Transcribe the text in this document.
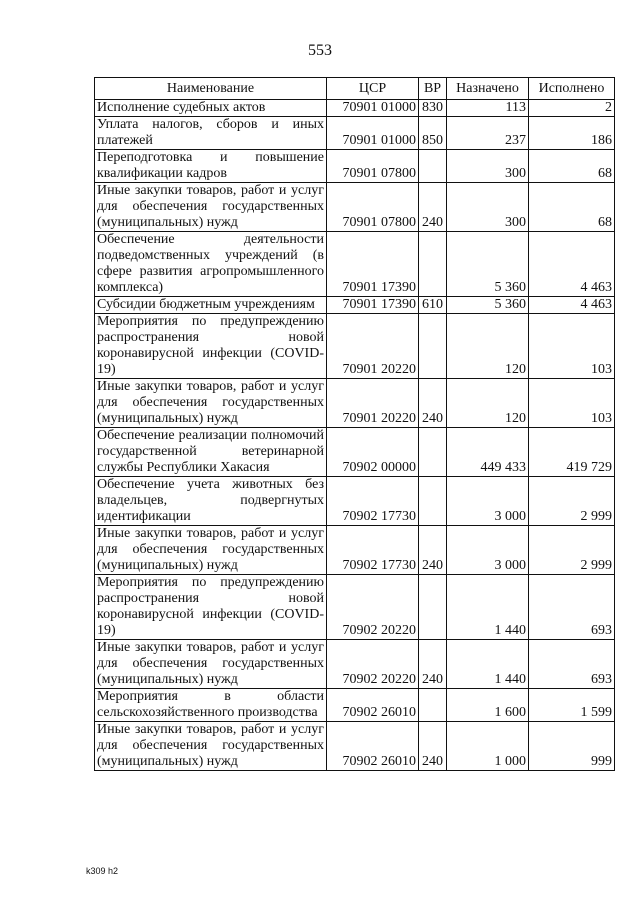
553
Наименование	ЦСР	ВР	Назначено	Исполнено
Исполнение судебных актов	70901 01000	830	113	2
Уплата налогов, сборов и иных платежей	70901 01000	850	237	186
Переподготовка и повышение квалификации кадров	70901 07800		300	68
Иные закупки товаров, работ и услуг для обеспечения государственных (муниципальных) нужд	70901 07800	240	300	68
Обеспечение деятельности подведомственных учреждений (в сфере развития агропромышленного комплекса)	70901 17390		5 360	4 463
Субсидии бюджетным учреждениям	70901 17390	610	5 360	4 463
Мероприятия по предупреждению распространения новой коронавирусной инфекции (COVID-19)	70901 20220		120	103
Иные закупки товаров, работ и услуг для обеспечения государственных (муниципальных) нужд	70901 20220	240	120	103
Обеспечение реализации полномочий государственной ветеринарной службы Республики Хакасия	70902 00000		449 433	419 729
Обеспечение учета животных без владельцев, подвергнутых идентификации	70902 17730		3 000	2 999
Иные закупки товаров, работ и услуг для обеспечения государственных (муниципальных) нужд	70902 17730	240	3 000	2 999
Мероприятия по предупреждению распространения новой коронавирусной инфекции (COVID-19)	70902 20220		1 440	693
Иные закупки товаров, работ и услуг для обеспечения государственных (муниципальных) нужд	70902 20220	240	1 440	693
Мероприятия в области сельскохозяйственного производства	70902 26010		1 600	1 599
Иные закупки товаров, работ и услуг для обеспечения государственных (муниципальных) нужд	70902 26010	240	1 000	999
k309 h2
